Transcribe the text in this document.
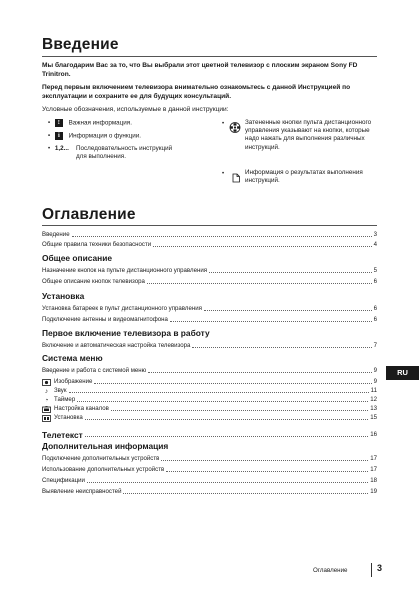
Введение
Мы благодарим Вас за то, что Вы выбрали этот цветной телевизор с плоским экраном Sony FD Trinitron.
Перед первым включением телевизора внимательно ознакомьтесь с данной Инструкцией по эксплуатации и сохраните ее для будущих консультаций.
Условные обозначения, используемые в данной инструкции:
• ! Важная информация.
• i Информация о функции.
• 1,2...	Последовательность инструкций для выполнения.
•	Затененные кнопки пульта дистанционного управления указывают на кнопки, которые надо нажать для выполнения различных инструкций.
•	Информация о результатах выполнения инструкций.
Оглавление
Введение	3
Общие правила техники безопасности	4
Общее описание
Назначение кнопок на пульте дистанционного управления	5
Общее описание кнопок телевизора	6
Установка
Установка батареек в пульт дистанционного управления	6
Подключение антенны и видеомагнитофона	6
Первое включение телевизора в работу
Включение и автоматическая настройка телевизора	7
Система меню
Введение и работа с системой меню	9
Изображение	9
♪ Звук	11
◔ Таймер	12
Настройка каналов	13
Установка	15
Телетекст	16
Дополнительная информация
Подключение дополнительных устройств	17
Использование дополнительных устройств	17
Спецификации	18
Выявление неисправностей	19
RU
Оглавление	3
